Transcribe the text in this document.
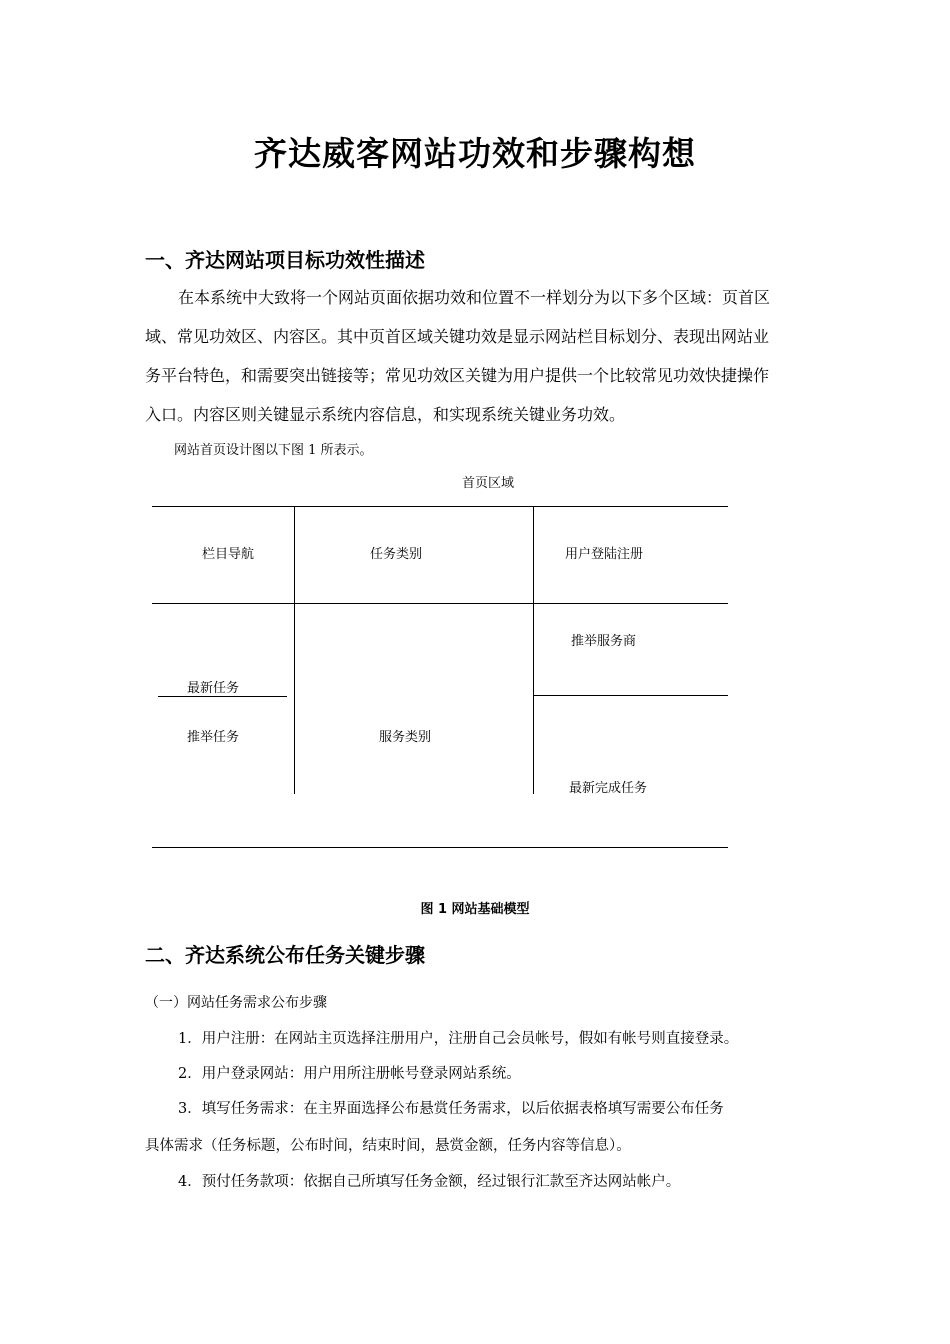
齐达威客网站功效和步骤构想
一、齐达网站项目标功效性描述
在本系统中大致将一个网站页面依据功效和位置不一样划分为以下多个区域：页首区
域、常见功效区、内容区。其中页首区域关键功效是显示网站栏目标划分、表现出网站业
务平台特色，和需要突出链接等；常见功效区关键为用户提供一个比较常见功效快捷操作
入口。内容区则关键显示系统内容信息，和实现系统关键业务功效。
网站首页设计图以下图 1 所表示。
首页区域
栏目导航	任务类别	用户登陆注册
推举服务商
最新任务
推举任务	服务类别
最新完成任务
图 1 网站基础模型
二、齐达系统公布任务关键步骤
（一）网站任务需求公布步骤
1．用户注册：在网站主页选择注册用户，注册自己会员帐号，假如有帐号则直接登录。
2．用户登录网站：用户用所注册帐号登录网站系统。
3．填写任务需求：在主界面选择公布悬赏任务需求，以后依据表格填写需要公布任务
具体需求（任务标题，公布时间，结束时间，悬赏金额，任务内容等信息）。
4．预付任务款项：依据自己所填写任务金额，经过银行汇款至齐达网站帐户。
